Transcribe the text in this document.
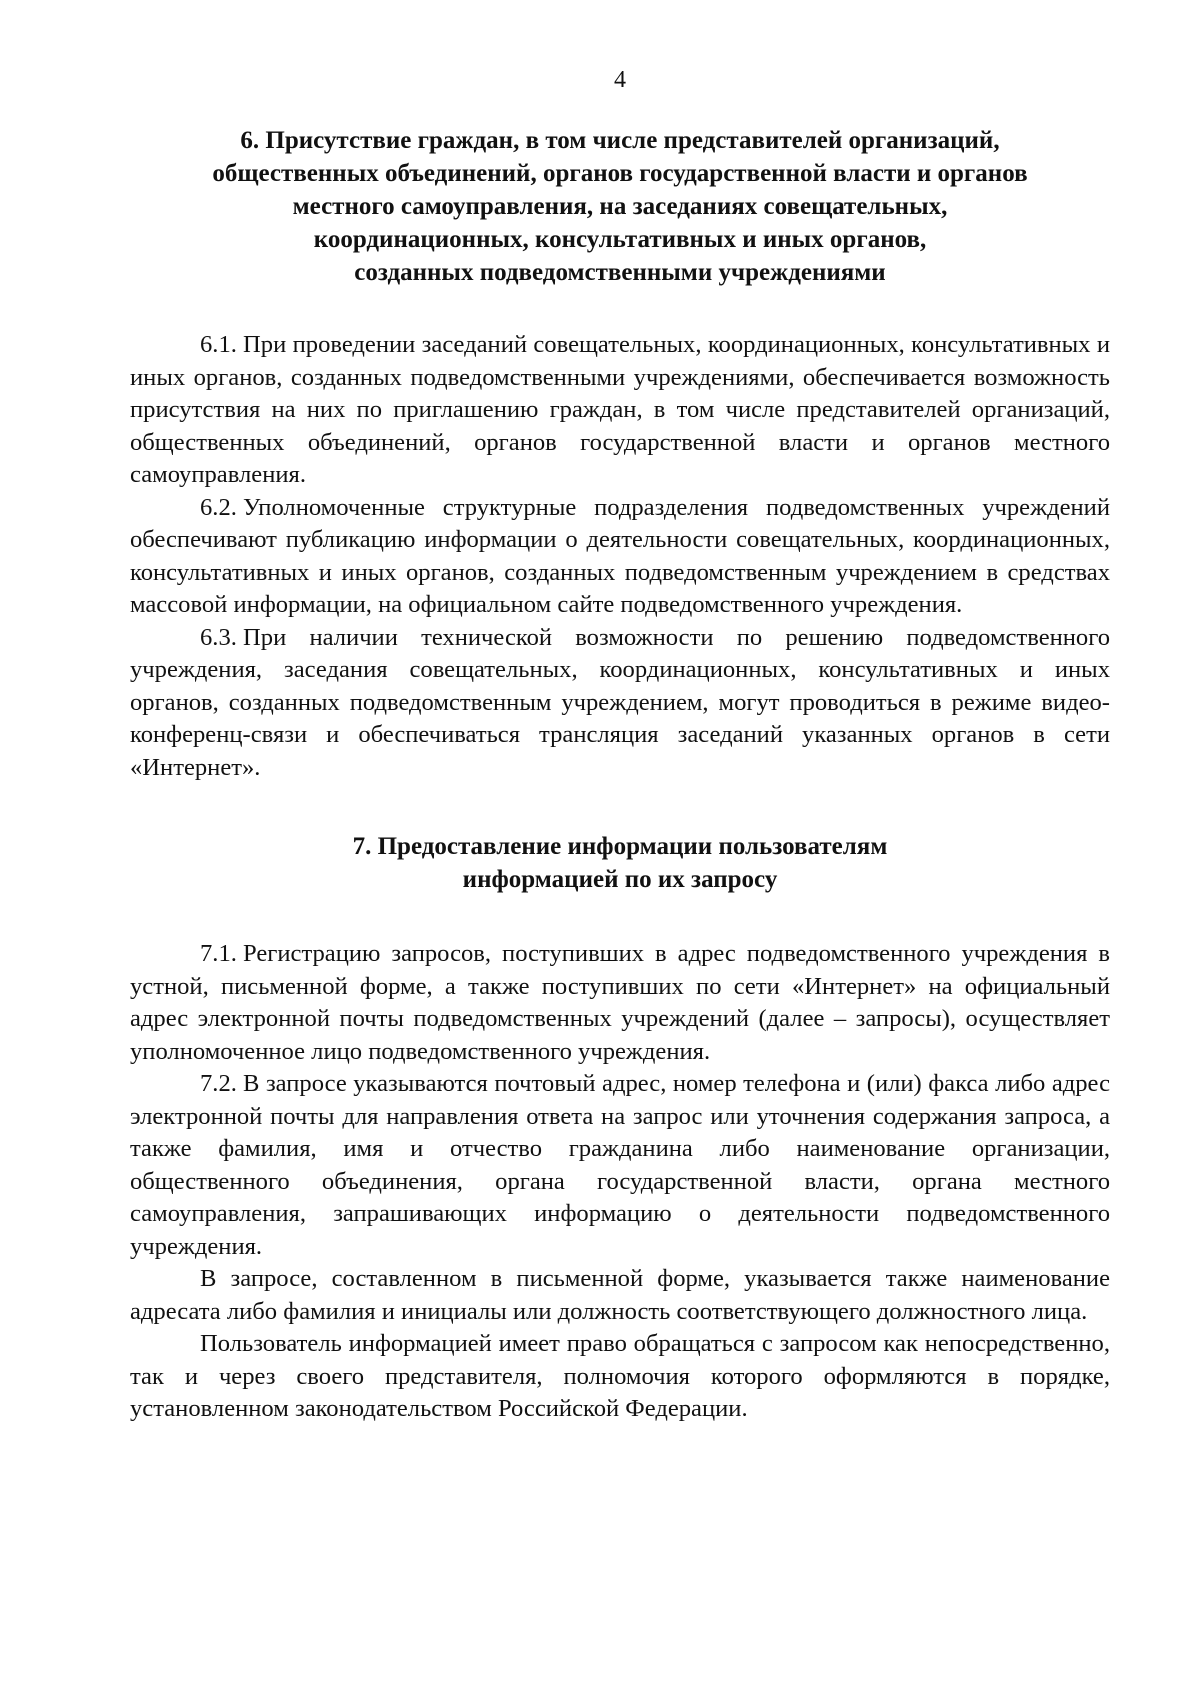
4
6. Присутствие граждан, в том числе представителей организаций,
общественных объединений, органов государственной власти и органов
местного самоуправления, на заседаниях совещательных,
координационных, консультативных и иных органов,
созданных подведомственными учреждениями

6.1. При проведении заседаний совещательных, координационных, консультативных и иных органов, созданных подведомственными учреждениями, обеспечивается возможность присутствия на них по приглашению граждан, в том числе представителей организаций, общественных объединений, органов государственной власти и органов местного самоуправления.

6.2. Уполномоченные структурные подразделения подведомственных учреждений обеспечивают публикацию информации о деятельности совещательных, координационных, консультативных и иных органов, созданных подведомственным учреждением в средствах массовой информации, на официальном сайте подведомственного учреждения.

6.3. При наличии технической возможности по решению подведомственного учреждения, заседания совещательных, координационных, консультативных и иных органов, созданных подведомственным учреждением, могут проводиться в режиме видео-конференц-связи и обеспечиваться трансляция заседаний указанных органов в сети «Интернет».

7. Предоставление информации пользователям
информацией по их запросу

7.1. Регистрацию запросов, поступивших в адрес подведомственного учреждения в устной, письменной форме, а также поступивших по сети «Интернет» на официальный адрес электронной почты подведомственных учреждений (далее – запросы), осуществляет уполномоченное лицо подведомственного учреждения.

7.2. В запросе указываются почтовый адрес, номер телефона и (или) факса либо адрес электронной почты для направления ответа на запрос или уточнения содержания запроса, а также фамилия, имя и отчество гражданина либо наименование организации, общественного объединения, органа государственной власти, органа местного самоуправления, запрашивающих информацию о деятельности подведомственного учреждения.

В запросе, составленном в письменной форме, указывается также наименование адресата либо фамилия и инициалы или должность соответствующего должностного лица.

Пользователь информацией имеет право обращаться с запросом как непосредственно, так и через своего представителя, полномочия которого оформляются в порядке, установленном законодательством Российской Федерации.
